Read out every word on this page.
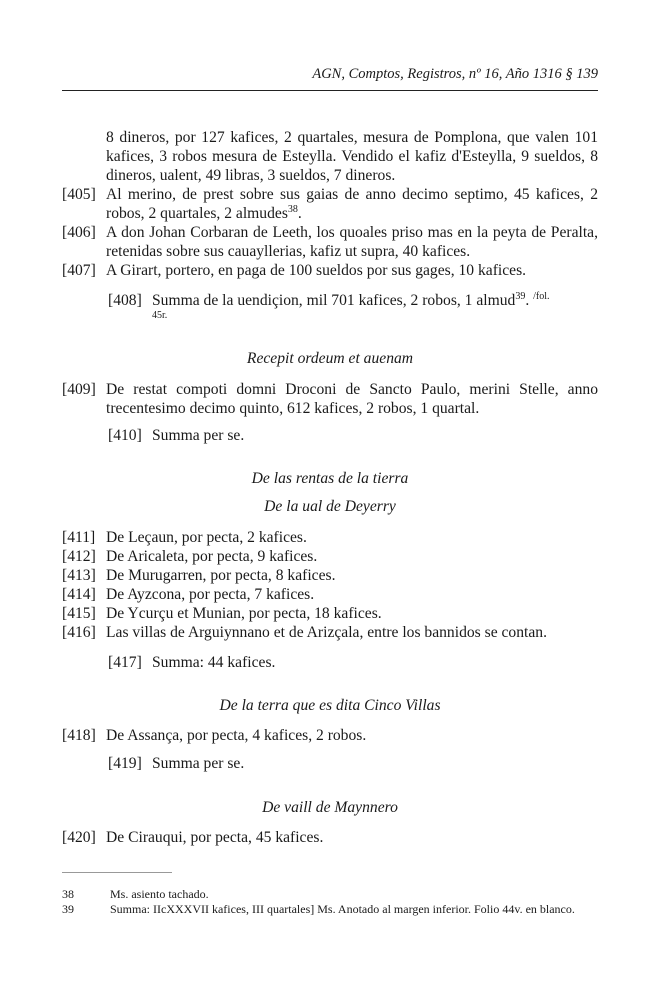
AGN, Comptos, Registros, nº 16, Año 1316 § 139
8 dineros, por 127 kafices, 2 quartales, mesura de Pomplona, que valen 101 kafices, 3 robos mesura de Esteylla. Vendido el kafiz d'Esteylla, 9 sueldos, 8 dineros, ualent, 49 libras, 3 sueldos, 7 dineros.
[405] Al merino, de prest sobre sus gaias de anno decimo septimo, 45 kafices, 2 robos, 2 quartales, 2 almudes$^{38}$.
[406] A don Johan Corbaran de Leeth, los quoales priso mas en la peyta de Peralta, retenidas sobre sus cauayllerias, kafiz ut supra, 40 kafices.
[407] A Girart, portero, en paga de 100 sueldos por sus gages, 10 kafices.
[408] Summa de la uendiçion, mil 701 kafices, 2 robos, 1 almud$^{39}$. $^{/fol.}$
45r.
Recepit ordeum et auenam
[409] De restat compoti domni Droconi de Sancto Paulo, merini Stelle, anno trecentesimo decimo quinto, 612 kafices, 2 robos, 1 quartal.
[410] Summa per se.
De las rentas de la tierra
De la ual de Deyerry
[411] De Leçaun, por pecta, 2 kafices.
[412] De Aricaleta, por pecta, 9 kafices.
[413] De Murugarren, por pecta, 8 kafices.
[414] De Ayzcona, por pecta, 7 kafices.
[415] De Ycurçu et Munian, por pecta, 18 kafices.
[416] Las villas de Arguiynnano et de Arizçala, entre los bannidos se contan.
[417] Summa: 44 kafices.
De la terra que es dita Cinco Villas
[418] De Assança, por pecta, 4 kafices, 2 robos.
[419] Summa per se.
De vaill de Maynnero
[420] De Cirauqui, por pecta, 45 kafices.
38	Ms. asiento tachado.
39	Summa: IIcXXXVII kafices, III quartales] Ms. Anotado al margen inferior. Folio 44v. en blanco.
